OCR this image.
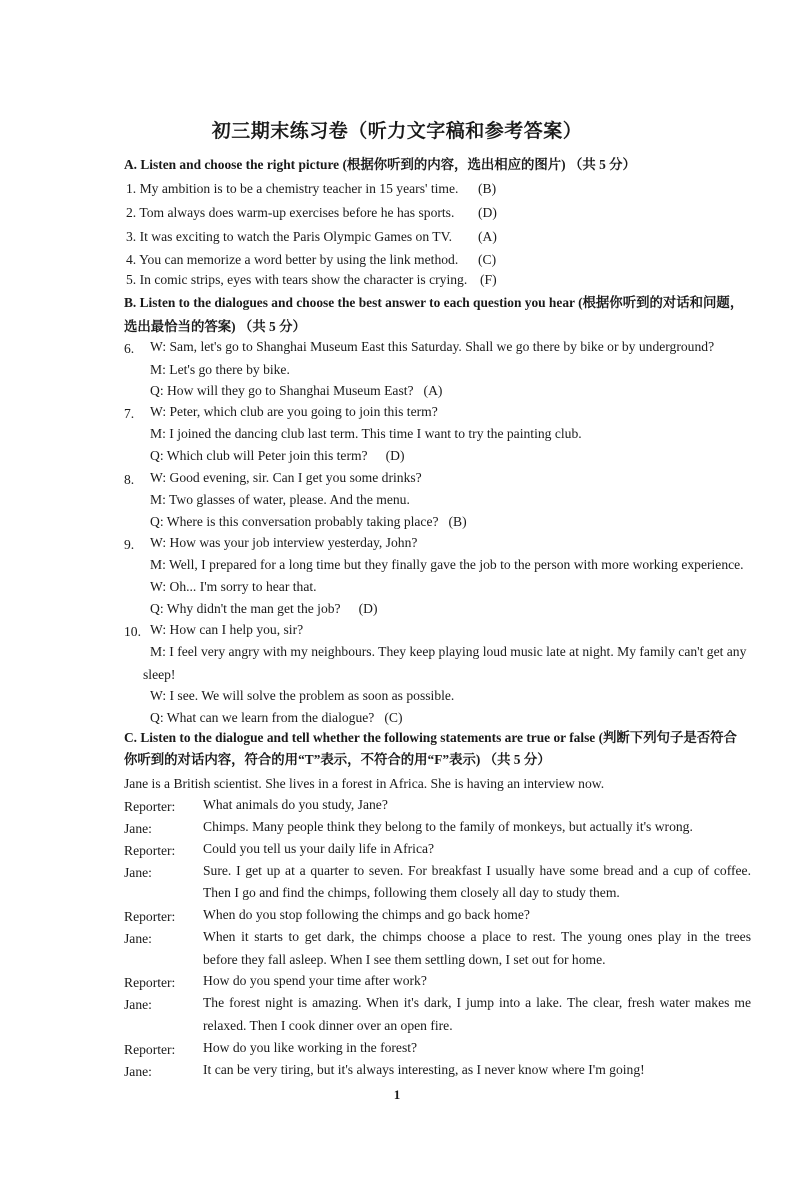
初三期末练习卷（听力文字稿和参考答案）
A. Listen and choose the right picture (根据你听到的内容，选出相应的图片) （共 5 分）
1. My ambition is to be a chemistry teacher in 15 years' time. (B)
2. Tom always does warm-up exercises before he has sports. (D)
3. It was exciting to watch the Paris Olympic Games on TV. (A)
4. You can memorize a word better by using the link method. (C)
5. In comic strips, eyes with tears show the character is crying. (F)
B. Listen to the dialogues and choose the best answer to each question you hear (根据你听到的对话和问题，
选出最恰当的答案) （共 5 分）
6. W: Sam, let's go to Shanghai Museum East this Saturday. Shall we go there by bike or by underground?
M: Let's go there by bike.
Q: How will they go to Shanghai Museum East? (A)
7. W: Peter, which club are you going to join this term?
M: I joined the dancing club last term. This time I want to try the painting club.
Q: Which club will Peter join this term? (D)
8. W: Good evening, sir. Can I get you some drinks?
M: Two glasses of water, please. And the menu.
Q: Where is this conversation probably taking place? (B)
9. W: How was your job interview yesterday, John?
M: Well, I prepared for a long time but they finally gave the job to the person with more working experience.
W: Oh... I'm sorry to hear that.
Q: Why didn't the man get the job? (D)
10. W: How can I help you, sir?
M: I feel very angry with my neighbours. They keep playing loud music late at night. My family can't get any
sleep!
W: I see. We will solve the problem as soon as possible.
Q: What can we learn from the dialogue? (C)
C. Listen to the dialogue and tell whether the following statements are true or false (判断下列句子是否符合
你听到的对话内容，符合的用“T”表示，不符合的用“F”表示) （共 5 分）
Jane is a British scientist. She lives in a forest in Africa. She is having an interview now.
Reporter: What animals do you study, Jane?
Jane:	Chimps. Many people think they belong to the family of monkeys, but actually it's wrong.
Reporter: Could you tell us your daily life in Africa?
Jane:	Sure. I get up at a quarter to seven. For breakfast I usually have some bread and a cup of coffee.
Then I go and find the chimps, following them closely all day to study them.
Reporter: When do you stop following the chimps and go back home?
Jane:	When it starts to get dark, the chimps choose a place to rest. The young ones play in the trees
before they fall asleep. When I see them settling down, I set out for home.
Reporter: How do you spend your time after work?
Jane:	The forest night is amazing. When it's dark, I jump into a lake. The clear, fresh water makes me
relaxed. Then I cook dinner over an open fire.
Reporter: How do you like working in the forest?
Jane:	It can be very tiring, but it's always interesting, as I never know where I'm going!
1
